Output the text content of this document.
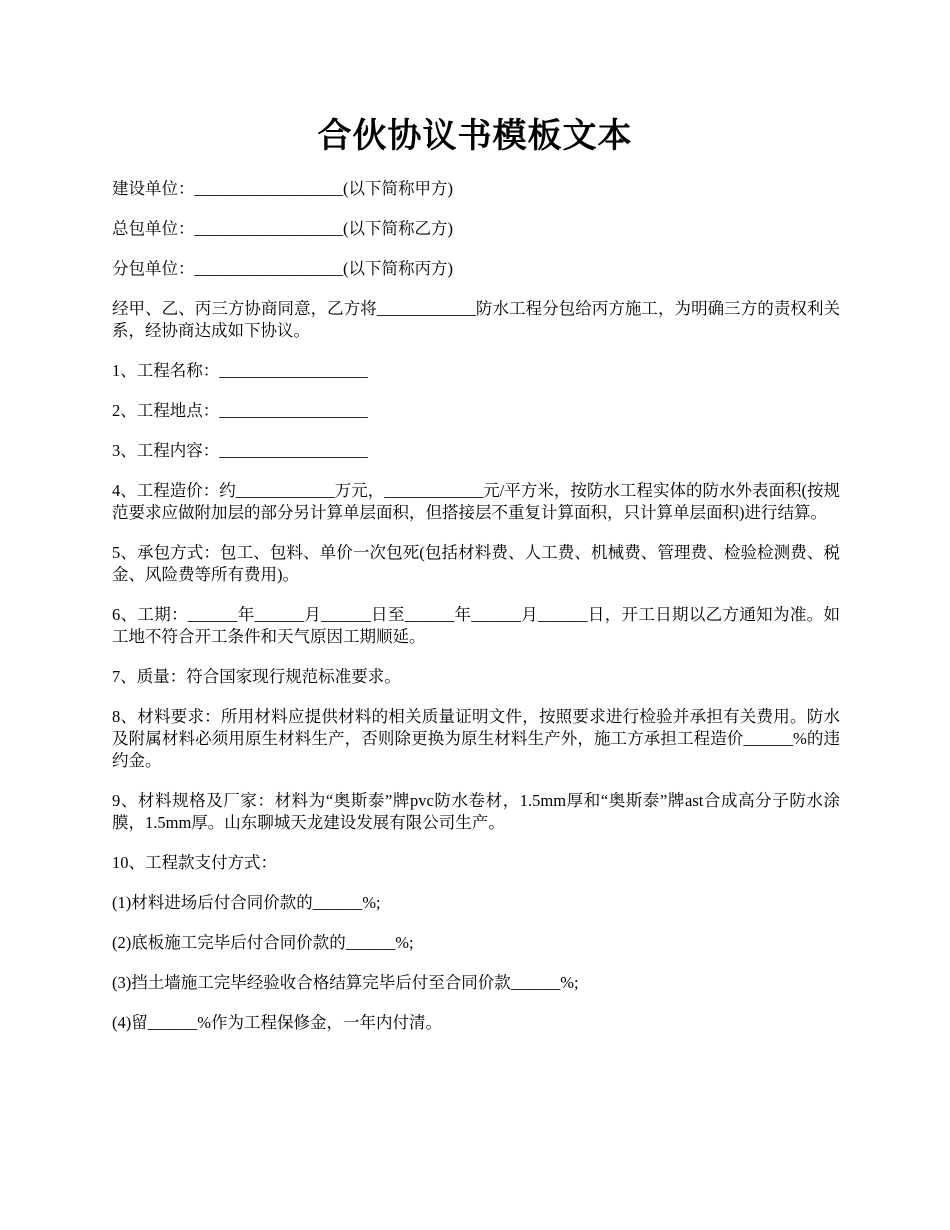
合伙协议书模板文本

建设单位：__________________(以下简称甲方)

总包单位：__________________(以下简称乙方)

分包单位：__________________(以下简称丙方)

经甲、乙、丙三方协商同意，乙方将____________防水工程分包给丙方施工，为明确三方的责权利关系，经协商达成如下协议。

1、工程名称：__________________

2、工程地点：__________________

3、工程内容：__________________

4、工程造价：约____________万元，____________元/平方米，按防水工程实体的防水外表面积(按规范要求应做附加层的部分另计算单层面积，但搭接层不重复计算面积，只计算单层面积)进行结算。

5、承包方式：包工、包料、单价一次包死(包括材料费、人工费、机械费、管理费、检验检测费、税金、风险费等所有费用)。

6、工期：______年______月______日至______年______月______日，开工日期以乙方通知为准。如工地不符合开工条件和天气原因工期顺延。

7、质量：符合国家现行规范标准要求。

8、材料要求：所用材料应提供材料的相关质量证明文件，按照要求进行检验并承担有关费用。防水及附属材料必须用原生材料生产，否则除更换为原生材料生产外，施工方承担工程造价______%的违约金。

9、材料规格及厂家：材料为“奥斯泰”牌pvc防水卷材，1.5mm厚和“奥斯泰”牌ast合成高分子防水涂膜，1.5mm厚。山东聊城天龙建设发展有限公司生产。

10、工程款支付方式：

(1)材料进场后付合同价款的______%;

(2)底板施工完毕后付合同价款的______%;

(3)挡土墙施工完毕经验收合格结算完毕后付至合同价款______%;

(4)留______%作为工程保修金，一年内付清。
